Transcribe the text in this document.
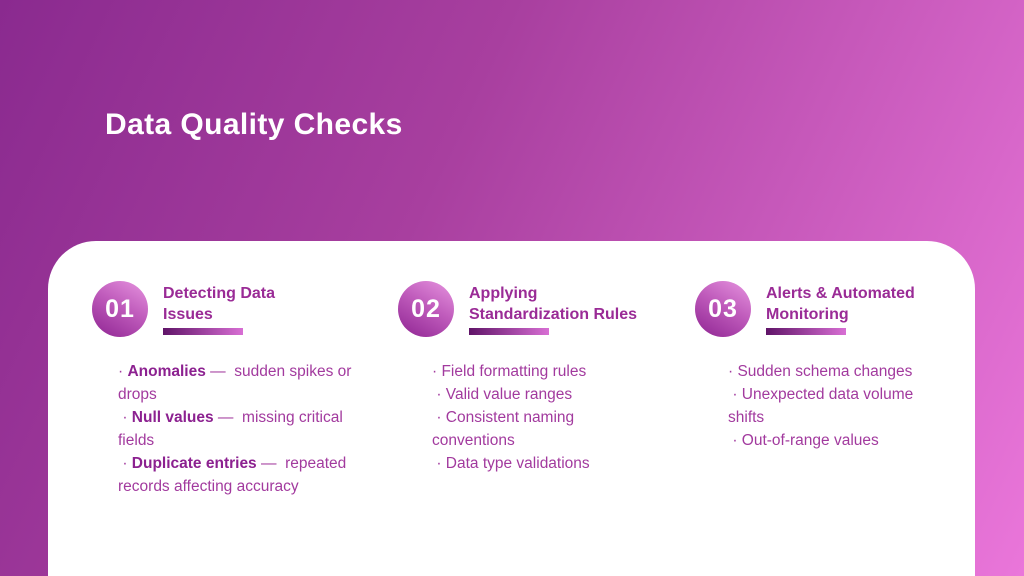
Data Quality Checks
01
Detecting Data
Issues
· Anomalies —  sudden spikes or drops
· Null values —  missing critical fields
· Duplicate entries —  repeated records affecting accuracy
02
Applying
Standardization Rules
· Field formatting rules
· Valid value ranges
· Consistent naming conventions
· Data type validations
03
Alerts & Automated
Monitoring
· Sudden schema changes
· Unexpected data volume shifts
· Out-of-range values
